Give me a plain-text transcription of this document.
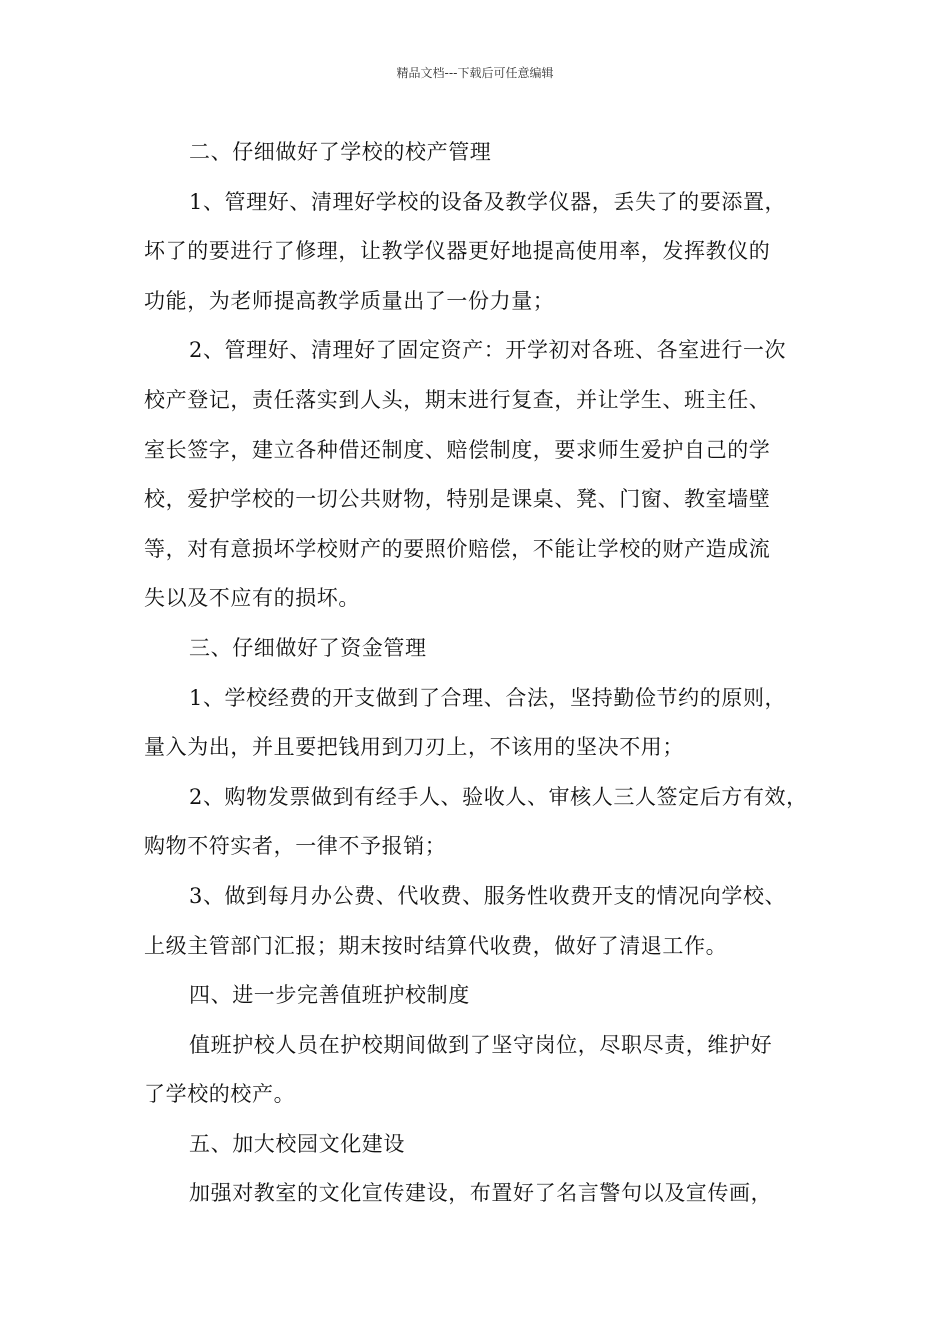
精品文档---下载后可任意编辑

二、仔细做好了学校的校产管理

1、管理好、清理好学校的设备及教学仪器，丢失了的要添置，
坏了的要进行了修理，让教学仪器更好地提高使用率，发挥教仪的
功能，为老师提高教学质量出了一份力量；

2、管理好、清理好了固定资产：开学初对各班、各室进行一次
校产登记，责任落实到人头，期末进行复查，并让学生、班主任、
室长签字，建立各种借还制度、赔偿制度，要求师生爱护自己的学
校，爱护学校的一切公共财物，特别是课桌、凳、门窗、教室墙壁
等，对有意损坏学校财产的要照价赔偿，不能让学校的财产造成流
失以及不应有的损坏。

三、仔细做好了资金管理

1、学校经费的开支做到了合理、合法，坚持勤俭节约的原则，
量入为出，并且要把钱用到刀刃上，不该用的坚决不用；

2、购物发票做到有经手人、验收人、审核人三人签定后方有效，
购物不符实者，一律不予报销；

3、做到每月办公费、代收费、服务性收费开支的情况向学校、
上级主管部门汇报；期末按时结算代收费，做好了清退工作。

四、进一步完善值班护校制度

值班护校人员在护校期间做到了坚守岗位，尽职尽责，维护好
了学校的校产。

五、加大校园文化建设

加强对教室的文化宣传建设，布置好了名言警句以及宣传画，
